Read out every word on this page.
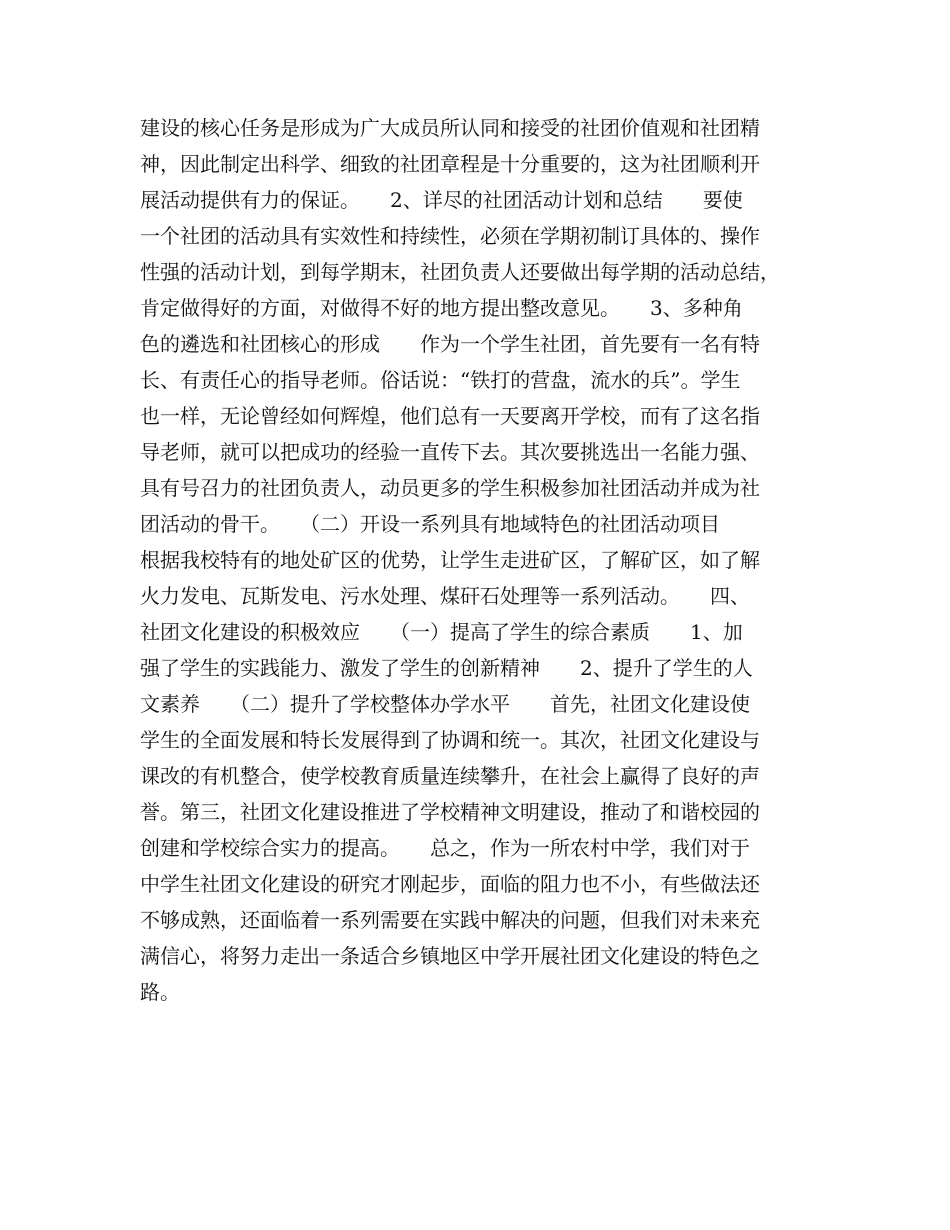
建设的核心任务是形成为广大成员所认同和接受的社团价值观和社团精
神，因此制定出科学、细致的社团章程是十分重要的，这为社团顺利开
展活动提供有力的保证。　　2、详尽的社团活动计划和总结　　要使
一个社团的活动具有实效性和持续性，必须在学期初制订具体的、操作
性强的活动计划，到每学期末，社团负责人还要做出每学期的活动总结，
肯定做得好的方面，对做得不好的地方提出整改意见。　　3、多种角
色的遴选和社团核心的形成　　作为一个学生社团，首先要有一名有特
长、有责任心的指导老师。俗话说：“铁打的营盘，流水的兵”。学生
也一样，无论曾经如何辉煌，他们总有一天要离开学校，而有了这名指
导老师，就可以把成功的经验一直传下去。其次要挑选出一名能力强、
具有号召力的社团负责人，动员更多的学生积极参加社团活动并成为社
团活动的骨干。　　（二）开设一系列具有地域特色的社团活动项目
根据我校特有的地处矿区的优势，让学生走进矿区，了解矿区，如了解
火力发电、瓦斯发电、污水处理、煤矸石处理等一系列活动。　　四、
社团文化建设的积极效应　　（一）提高了学生的综合素质　　1、加
强了学生的实践能力、激发了学生的创新精神　　2、提升了学生的人
文素养　　（二）提升了学校整体办学水平　　首先，社团文化建设使
学生的全面发展和特长发展得到了协调和统一。其次，社团文化建设与
课改的有机整合，使学校教育质量连续攀升，在社会上赢得了良好的声
誉。第三，社团文化建设推进了学校精神文明建设，推动了和谐校园的
创建和学校综合实力的提高。　　总之，作为一所农村中学，我们对于
中学生社团文化建设的研究才刚起步，面临的阻力也不小，有些做法还
不够成熟，还面临着一系列需要在实践中解决的问题，但我们对未来充
满信心，将努力走出一条适合乡镇地区中学开展社团文化建设的特色之
路。
